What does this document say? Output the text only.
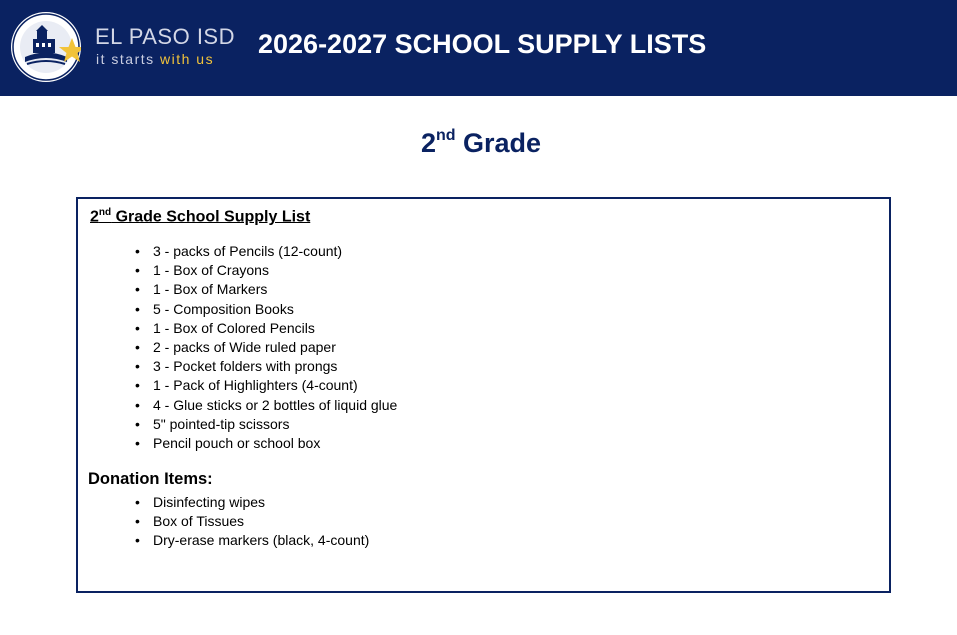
EL PASO ISD
it starts with us 2026-2027 SCHOOL SUPPLY LISTS
2nd Grade
2nd Grade School Supply List
• 3 - packs of Pencils (12-count)
• 1 - Box of Crayons
• 1 - Box of Markers
• 5 - Composition Books
• 1 - Box of Colored Pencils
• 2 - packs of Wide ruled paper
• 3 - Pocket folders with prongs
• 1 - Pack of Highlighters (4-count)
• 4 - Glue sticks or 2 bottles of liquid glue
• 5" pointed-tip scissors
• Pencil pouch or school box
Donation Items:
• Disinfecting wipes
• Box of Tissues
• Dry-erase markers (black, 4-count)
